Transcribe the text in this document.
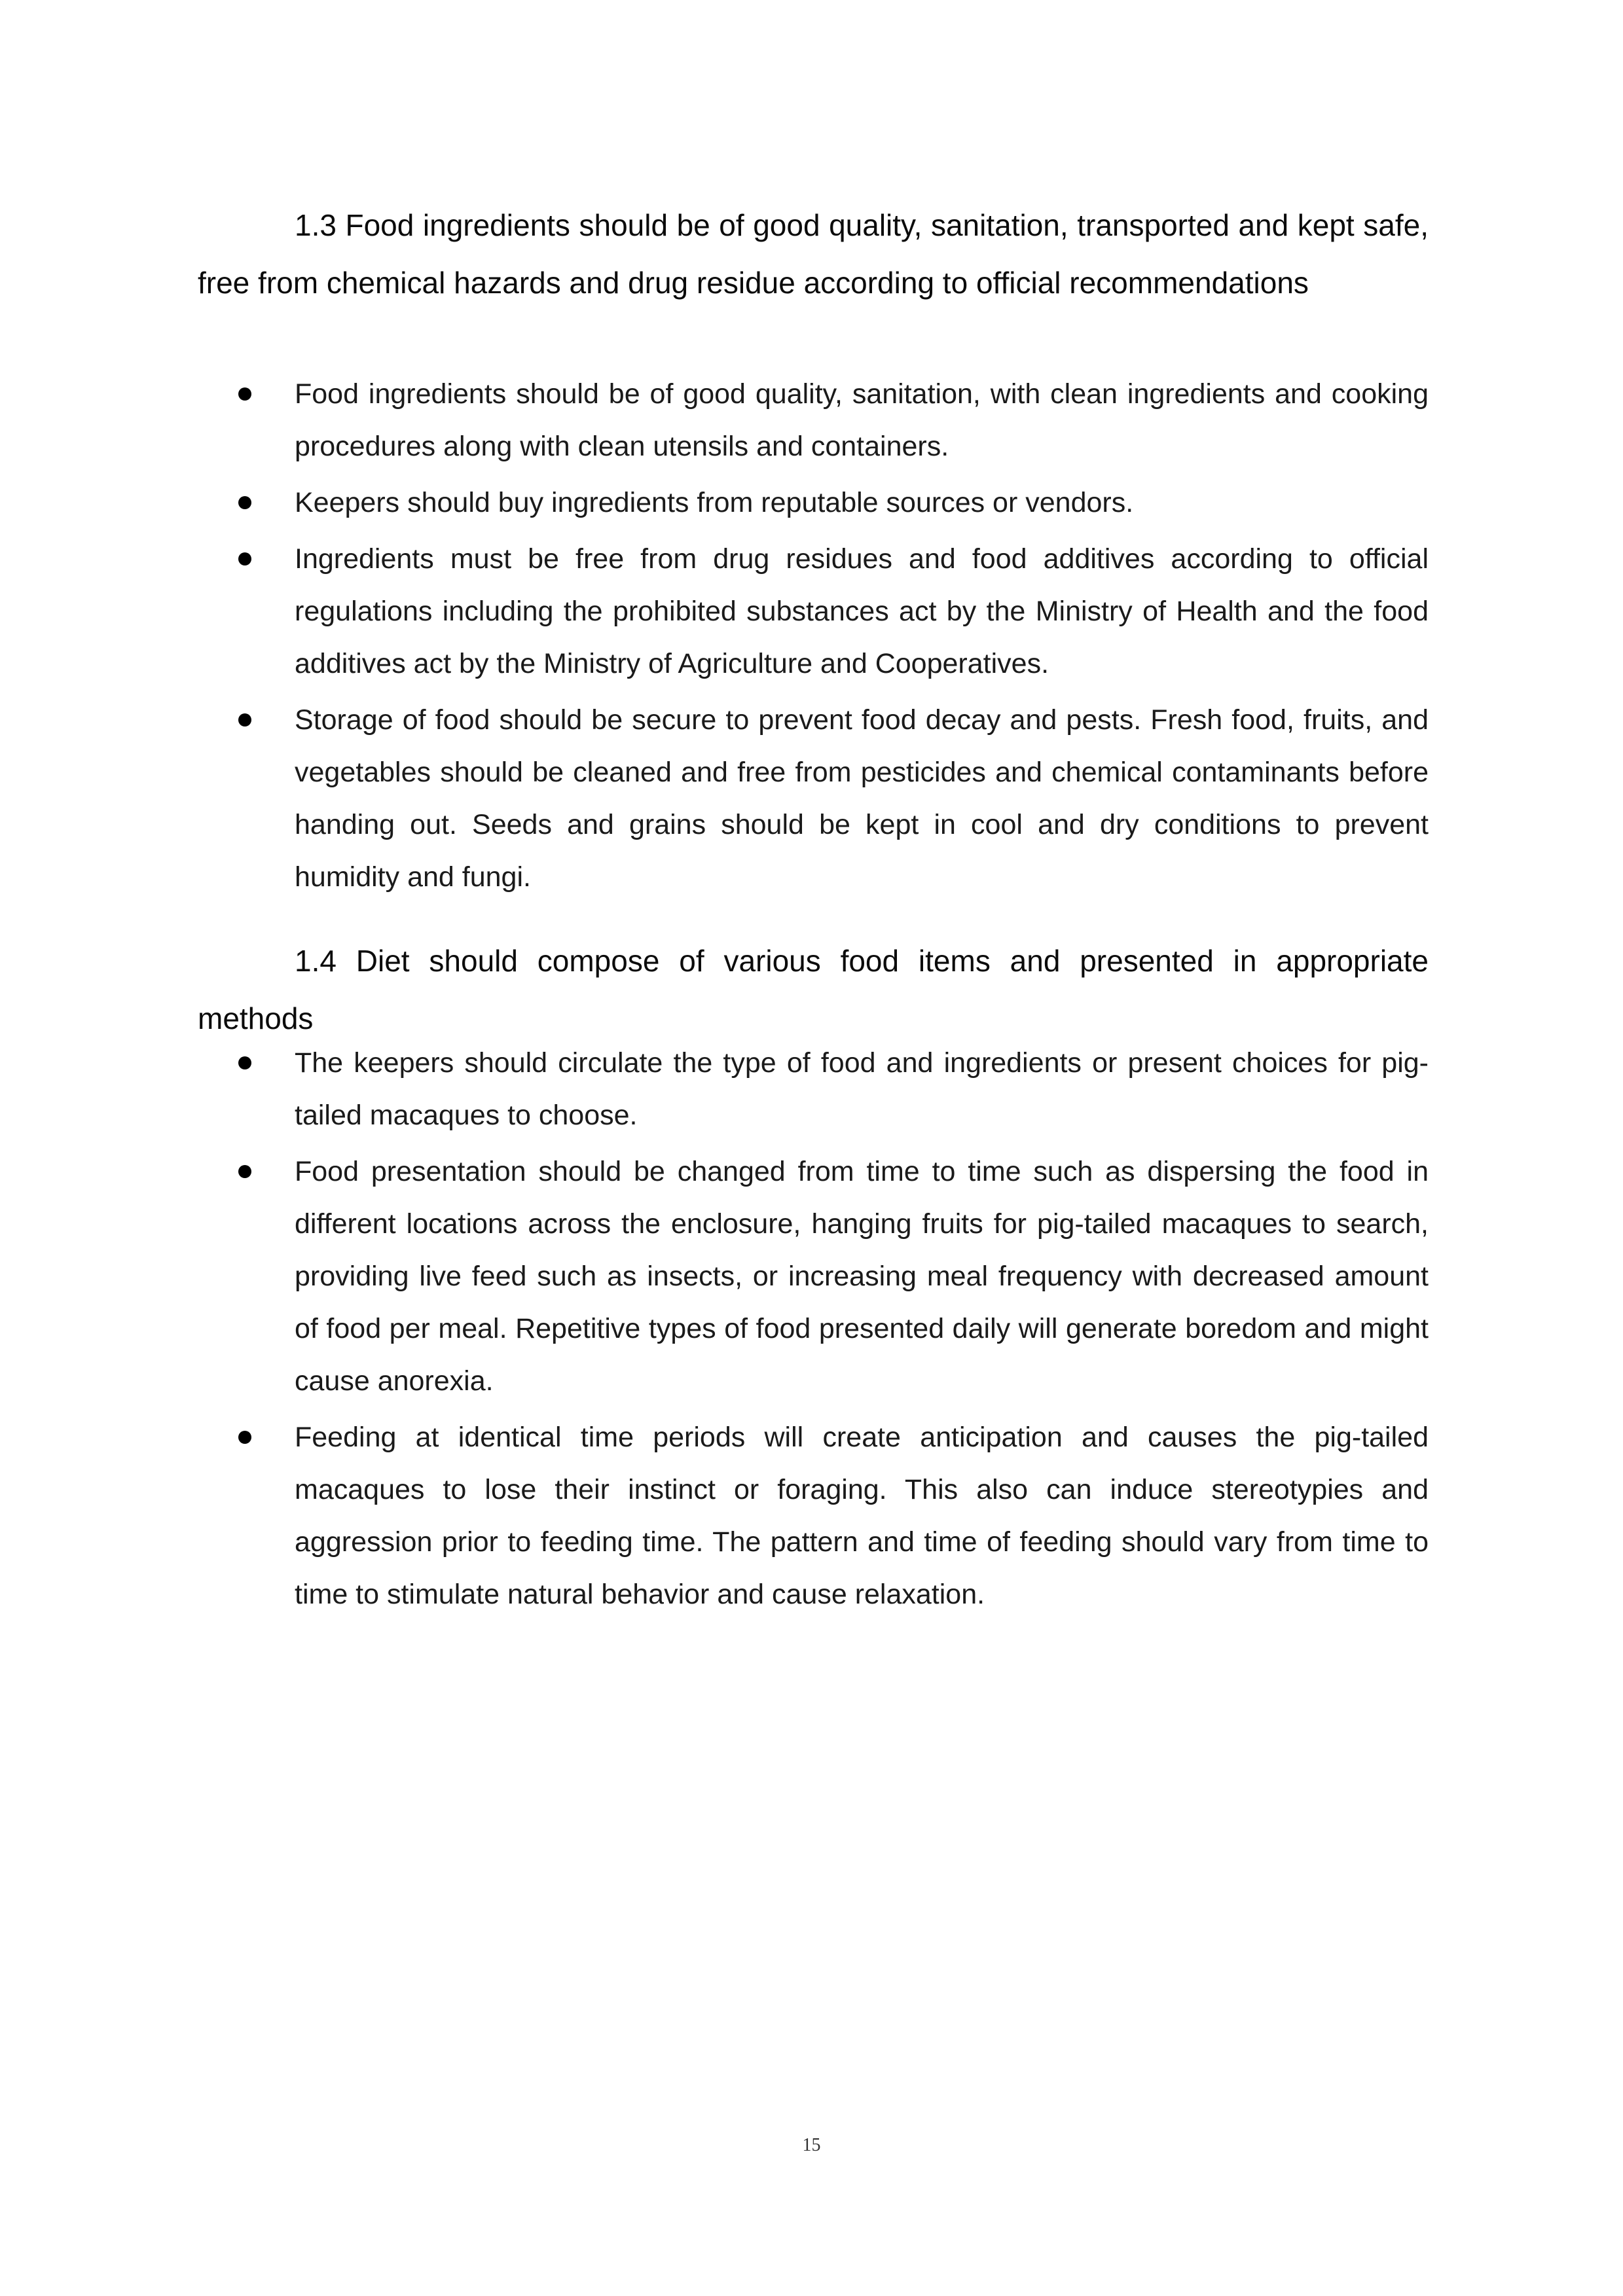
1.3 Food ingredients should be of good quality, sanitation, transported and kept safe, free from chemical hazards and drug residue according to official recommendations
Food ingredients should be of good quality, sanitation, with clean ingredients and cooking procedures along with clean utensils and containers.
Keepers should buy ingredients from reputable sources or vendors.
Ingredients must be free from drug residues and food additives according to official regulations including the prohibited substances act by the Ministry of Health and the food additives act by the Ministry of Agriculture and Cooperatives.
Storage of food should be secure to prevent food decay and pests. Fresh food, fruits, and vegetables should be cleaned and free from pesticides and chemical contaminants before handing out. Seeds and grains should be kept in cool and dry conditions to prevent humidity and fungi.
1.4 Diet should compose of various food items and presented in appropriate methods
The keepers should circulate the type of food and ingredients or present choices for pig-tailed macaques to choose.
Food presentation should be changed from time to time such as dispersing the food in different locations across the enclosure, hanging fruits for pig-tailed macaques to search, providing live feed such as insects, or increasing meal frequency with decreased amount of food per meal. Repetitive types of food presented daily will generate boredom and might cause anorexia.
Feeding at identical time periods will create anticipation and causes the pig-tailed macaques to lose their instinct or foraging. This also can induce stereotypies and aggression prior to feeding time. The pattern and time of feeding should vary from time to time to stimulate natural behavior and cause relaxation.
15
